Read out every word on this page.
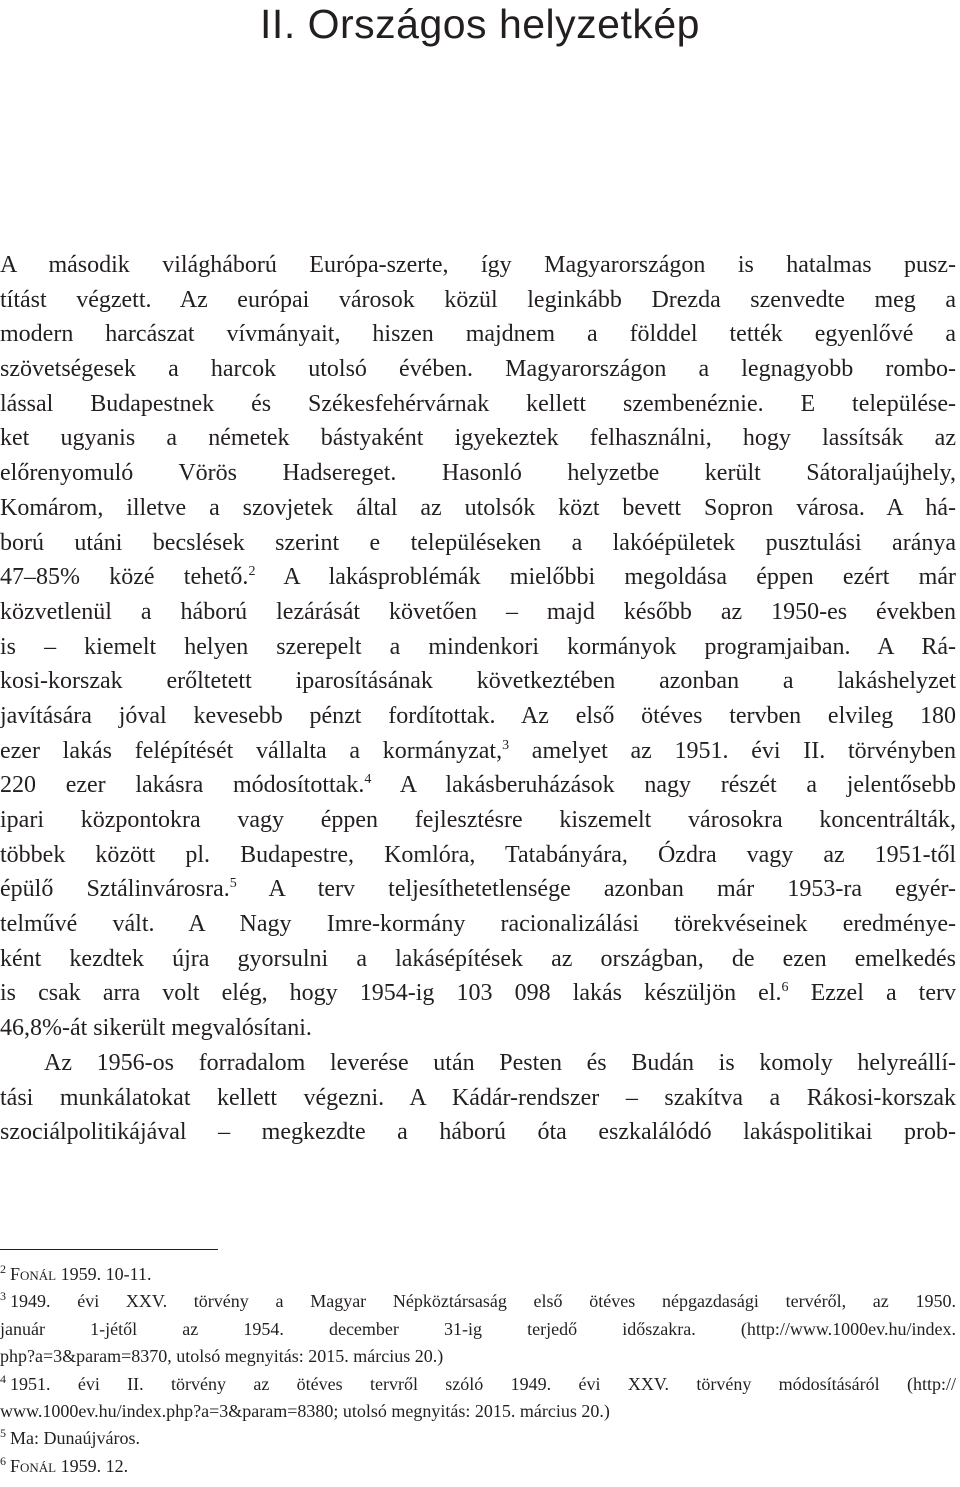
II. Országos helyzetkép
A második világháború Európa-szerte, így Magyarországon is hatalmas pusz-
títást végzett. Az európai városok közül leginkább Drezda szenvedte meg a
modern harcászat vívmányait, hiszen majdnem a földdel tették egyenlővé a
szövetségesek a harcok utolsó évében. Magyarországon a legnagyobb rombo-
lással Budapestnek és Székesfehérvárnak kellett szembenéznie. E települése-
ket ugyanis a németek bástyaként igyekeztek felhasználni, hogy lassítsák az
előrenyomuló Vörös Hadsereget. Hasonló helyzetbe került Sátoraljaújhely,
Komárom, illetve a szovjetek által az utolsók közt bevett Sopron városa. A há-
ború utáni becslések szerint e településeken a lakóépületek pusztulási aránya
47–85% közé tehető.$^2$ A lakásproblémák mielőbbi megoldása éppen ezért már
közvetlenül a háború lezárását követően – majd később az 1950-es években
is – kiemelt helyen szerepelt a mindenkori kormányok programjaiban. A Rá-
kosi-korszak erőltetett iparosításának következtében azonban a lakáshelyzet
javítására jóval kevesebb pénzt fordítottak. Az első ötéves tervben elvileg 180
ezer lakás felépítését vállalta a kormányzat,$^3$ amelyet az 1951. évi II. törvényben
220 ezer lakásra módosítottak.$^4$ A lakásberuházások nagy részét a jelentősebb
ipari központokra vagy éppen fejlesztésre kiszemelt városokra koncentrálták,
többek között pl. Budapestre, Komlóra, Tatabányára, Ózdra vagy az 1951-től
épülő Sztálinvárosra.$^5$ A terv teljesíthetetlensége azonban már 1953-ra egyér-
telművé vált. A Nagy Imre-kormány racionalizálási törekvéseinek eredménye-
ként kezdtek újra gyorsulni a lakásépítések az országban, de ezen emelkedés
is csak arra volt elég, hogy 1954-ig 103 098 lakás készüljön el.$^6$ Ezzel a terv
46,8%-át sikerült megvalósítani.
Az 1956-os forradalom leverése után Pesten és Budán is komoly helyreállí-
tási munkálatokat kellett végezni. A Kádár-rendszer – szakítva a Rákosi-korszak
szociálpolitikájával – megkezdte a háború óta eszkalálódó lakáspolitikai prob-
$^2$ Fonál 1959. 10-11.
$^3$ 1949. évi XXV. törvény a Magyar Népköztársaság első ötéves népgazdasági tervéről, az 1950.
január 1-jétől az 1954. december 31-ig terjedő időszakra. (http://www.1000ev.hu/index.
php?a=3&param=8370, utolsó megnyitás: 2015. március 20.)
$^4$ 1951. évi II. törvény az ötéves tervről szóló 1949. évi XXV. törvény módosításáról (http://
www.1000ev.hu/index.php?a=3&param=8380; utolsó megnyitás: 2015. március 20.)
$^5$ Ma: Dunaújváros.
$^6$ Fonál 1959. 12.
